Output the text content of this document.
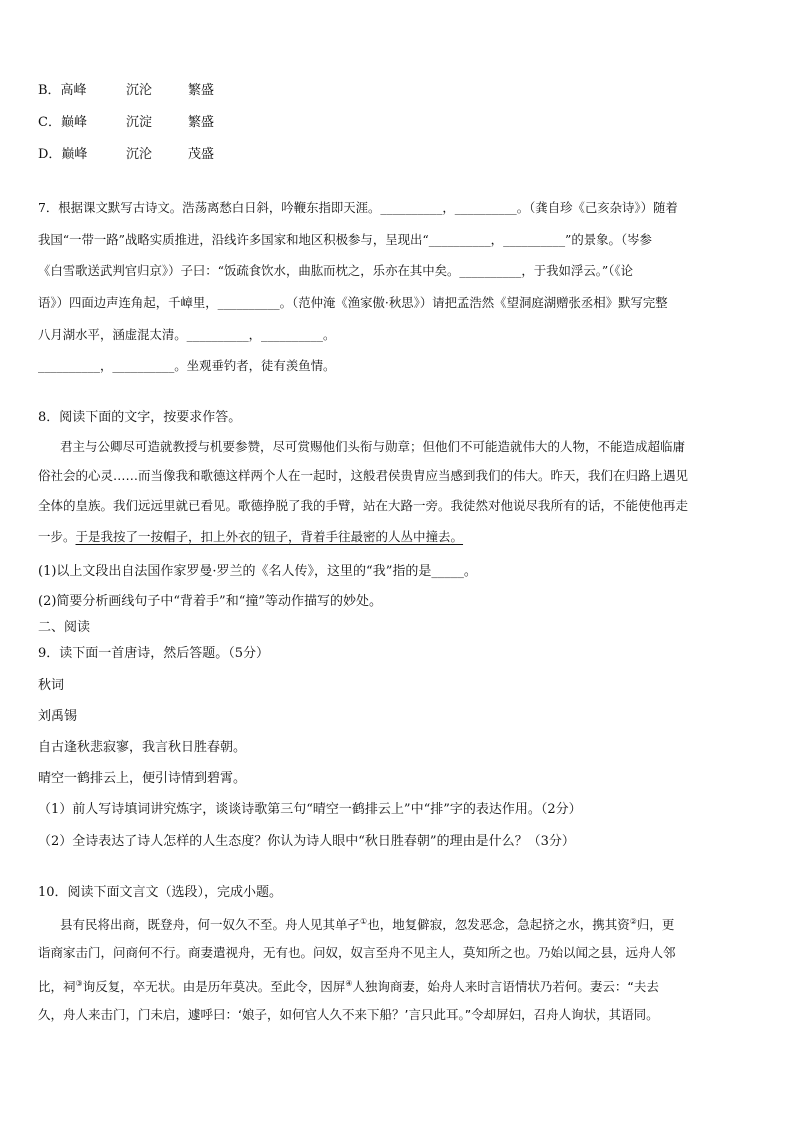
B．高峰	沉沦	繁盛
C．巅峰	沉淀	繁盛
D．巅峰	沉沦	茂盛
7．根据课文默写古诗文。浩荡离愁白日斜，吟鞭东指即天涯。__________，__________。（龚自珍《己亥杂诗》）随着
我国“一带一路”战略实质推进，沿线许多国家和地区积极参与，呈现出“__________，__________”的景象。（岑参
《白雪歌送武判官归京》）子曰：“饭疏食饮水，曲肱而枕之，乐亦在其中矣。__________，于我如浮云。”（《论
语》）四面边声连角起，千嶂里，__________。（范仲淹《渔家傲·秋思》）请把孟浩然《望洞庭湖赠张丞相》默写完整
八月湖水平，涵虚混太清。__________，__________。
__________，__________。坐观垂钓者，徒有羡鱼情。
8．阅读下面的文字，按要求作答。
君主与公卿尽可造就教授与机要参赞，尽可赏赐他们头衔与勋章；但他们不可能造就伟大的人物，不能造成超临庸
俗社会的心灵……而当像我和歌德这样两个人在一起时，这般君侯贵胄应当感到我们的伟大。昨天，我们在归路上遇见
全体的皇族。我们远远里就已看见。歌德挣脱了我的手臂，站在大路一旁。我徒然对他说尽我所有的话，不能使他再走
一步。于是我按了一按帽子，扣上外衣的钮子，背着手往最密的人丛中撞去。
(1)以上文段出自法国作家罗曼·罗兰的《名人传》，这里的“我”指的是_____。
(2)简要分析画线句子中“背着手”和“撞”等动作描写的妙处。
二、阅读
9．读下面一首唐诗，然后答题。（5分）
秋词
刘禹锡
自古逢秋悲寂寥，我言秋日胜春朝。
晴空一鹤排云上，便引诗情到碧霄。
（1）前人写诗填词讲究炼字，谈谈诗歌第三句“晴空一鹤排云上”中“排”字的表达作用。（2分）
（2）全诗表达了诗人怎样的人生态度？你认为诗人眼中“秋日胜春朝”的理由是什么？（3分）
10．阅读下面文言文（选段），完成小题。
县有民将出商，既登舟，何一奴久不至。舟人见其单孑①也，地复僻寂，忽发恶念，急起挤之水，携其资②归，更
诣商家击门，问商何不行。商妻遣视舟，无有也。问奴，奴言至舟不见主人，莫知所之也。乃始以闻之县，远舟人邻
比，祠③询反复，卒无状。由是历年莫决。至此令，因屏④人独询商妻，始舟人来时言语情状乃若何。妻云：“夫去
久，舟人来击门，门未启，遽呼曰：‘娘子，如何官人久不来下船？’言只此耳。”令却屏妇，召舟人询状，其语同。
